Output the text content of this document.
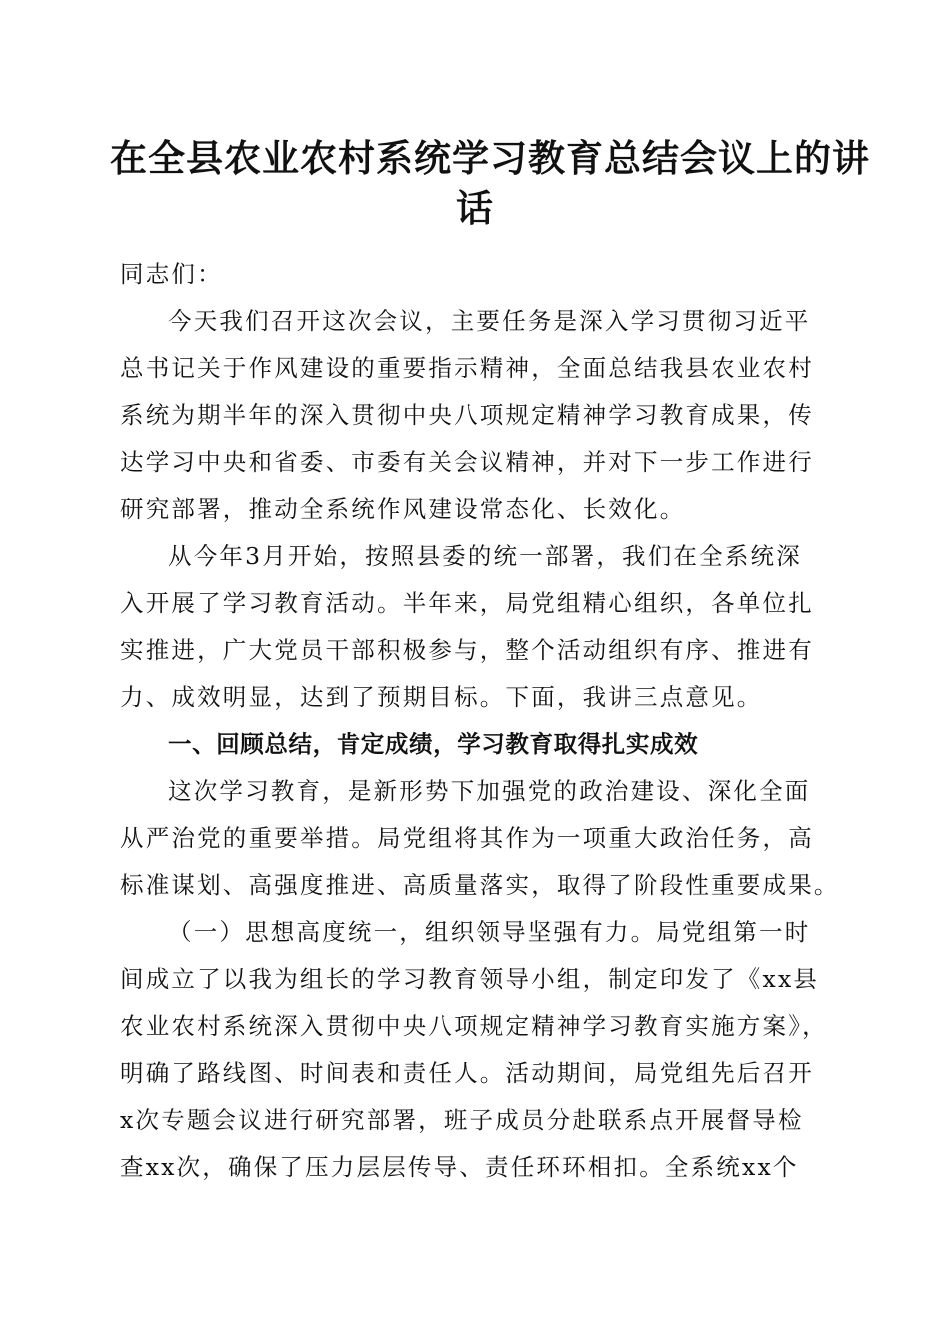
在全县农业农村系统学习教育总结会议上的讲
话

同志们：

今天我们召开这次会议，主要任务是深入学习贯彻习近平
总书记关于作风建设的重要指示精神，全面总结我县农业农村
系统为期半年的深入贯彻中央八项规定精神学习教育成果，传
达学习中央和省委、市委有关会议精神，并对下一步工作进行
研究部署，推动全系统作风建设常态化、长效化。

从今年3月开始，按照县委的统一部署，我们在全系统深
入开展了学习教育活动。半年来，局党组精心组织，各单位扎
实推进，广大党员干部积极参与，整个活动组织有序、推进有
力、成效明显，达到了预期目标。下面，我讲三点意见。

一、回顾总结，肯定成绩，学习教育取得扎实成效

这次学习教育，是新形势下加强党的政治建设、深化全面
从严治党的重要举措。局党组将其作为一项重大政治任务，高
标准谋划、高强度推进、高质量落实，取得了阶段性重要成果。

（一）思想高度统一，组织领导坚强有力。局党组第一时
间成立了以我为组长的学习教育领导小组，制定印发了《xx县
农业农村系统深入贯彻中央八项规定精神学习教育实施方案》，
明确了路线图、时间表和责任人。活动期间，局党组先后召开
x次专题会议进行研究部署，班子成员分赴联系点开展督导检
查xx次，确保了压力层层传导、责任环环相扣。全系统xx个
